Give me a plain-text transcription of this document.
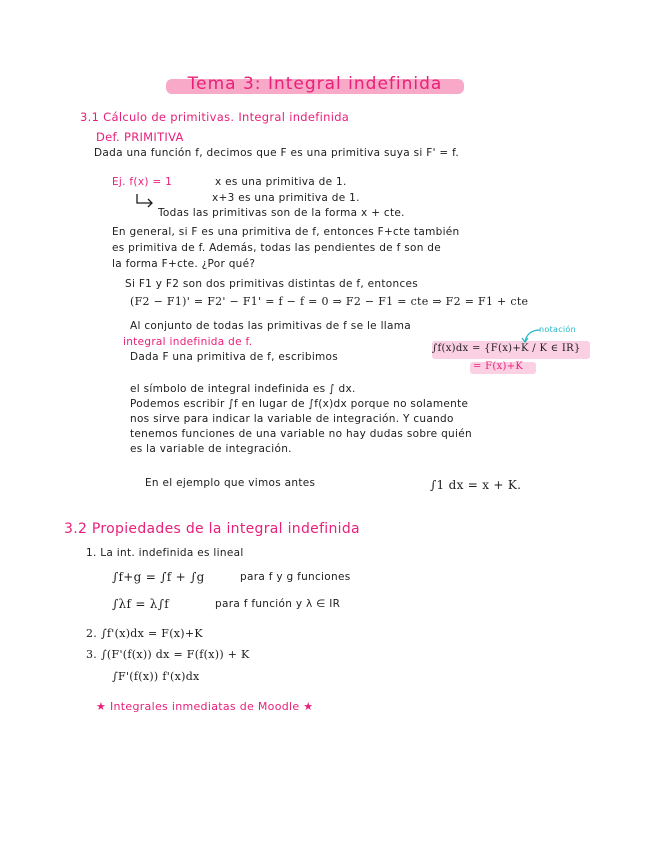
Tema 3: Integral indefinida
3.1 Cálculo de primitivas. Integral indefinida
Def. PRIMITIVA
Dada una función f, decimos que F es una primitiva suya si F' = f.
Ej. f(x) = 1	x es una primitiva de 1.
x+3 es una primitiva de 1.
Todas las primitivas son de la forma x + cte.
En general, si F es una primitiva de f, entonces F+cte también
es primitiva de f. Además, todas las pendientes de f son de
la forma F+cte. ¿Por qué?
Si F1 y F2 son dos primitivas distintas de f, entonces
(F2 − F1)' = F2' − F1' = f − f = 0 ⇒ F2 − F1 = cte ⇒ F2 = F1 + cte
Al conjunto de todas las primitivas de f se le llama
integral indefinida de f.
Dada F una primitiva de f, escribimos
∫f(x)dx = {F(x)+K / K ∈ IR}
= F(x)+K
notación
el símbolo de integral indefinida es ∫ dx.
Podemos escribir ∫f en lugar de ∫f(x)dx porque no solamente
nos sirve para indicar la variable de integración. Y cuando
tenemos funciones de una variable no hay dudas sobre quién
es la variable de integración.
En el ejemplo que vimos antes	∫1 dx = x + K.
3.2 Propiedades de la integral indefinida
1. La int. indefinida es lineal
∫f+g = ∫f + ∫g	para f y g funciones
∫λf = λ∫f	para f función y λ ∈ IR
2. ∫f'(x)dx = F(x)+K
3. ∫(F'(f(x)) dx = F(f(x)) + K
∫F'(f(x)) f'(x)dx
★ Integrales inmediatas de Moodle ★
